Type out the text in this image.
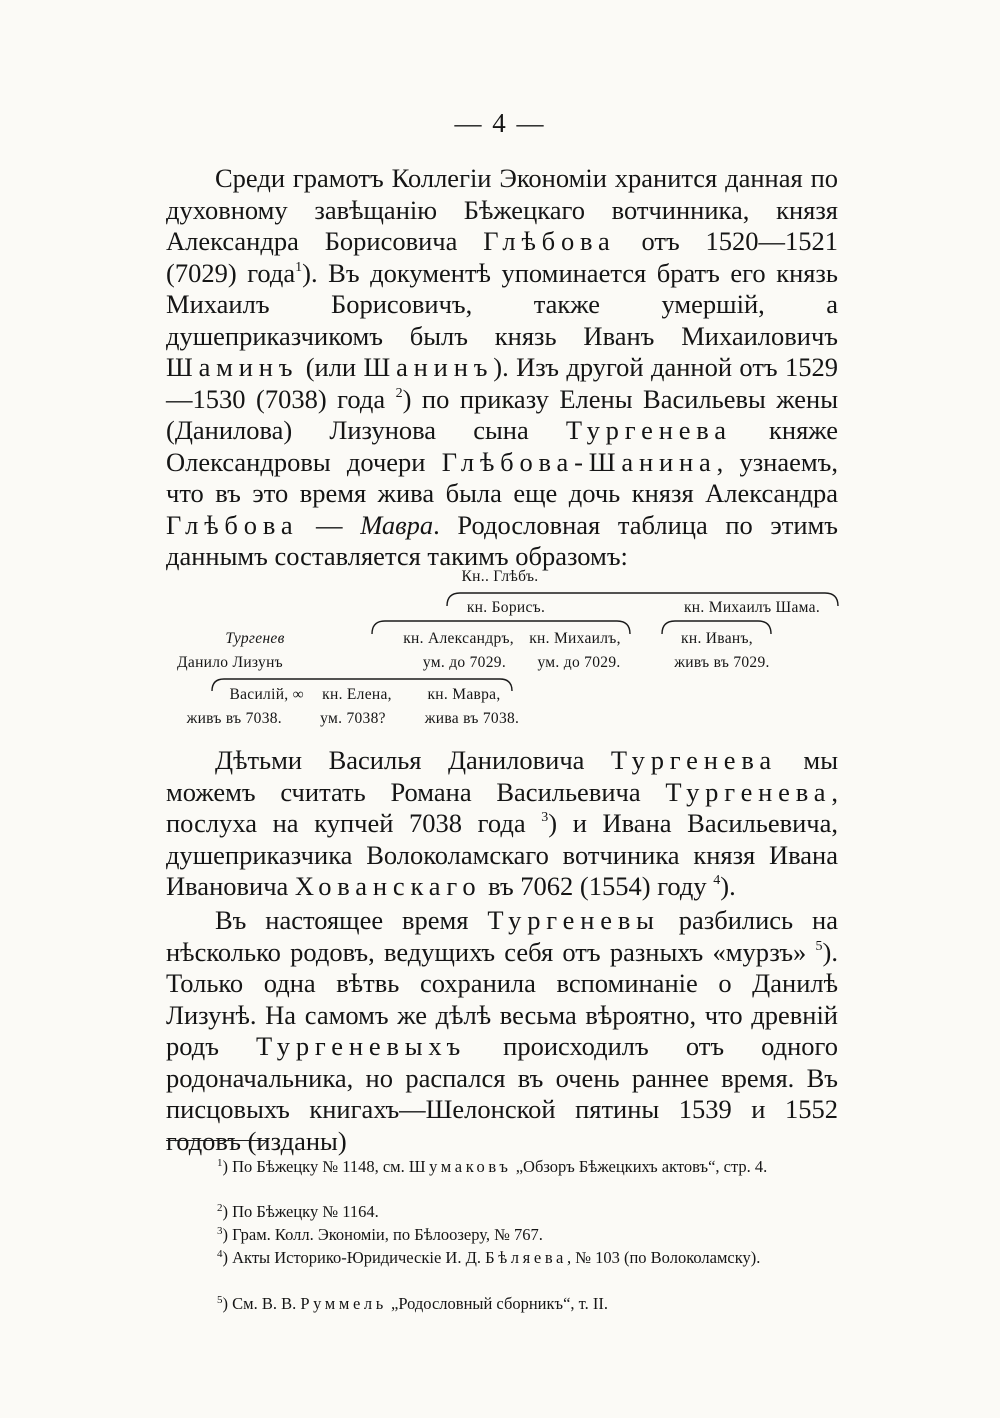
— 4 —

Среди грамотъ Коллегіи Экономіи хранится данная по духовному завѣщанію Бѣжецкаго вотчинника, князя Александра Борисовича Глѣбова отъ 1520—1521 (7029) года$^1$). Въ документѣ упоминается братъ его князь Михаилъ Борисовичъ, также умершій, а душеприказчикомъ былъ князь Иванъ Михаиловичъ Шаминъ (или Шанинъ). Изъ другой данной отъ 1529—1530 (7038) года $^2$) по приказу Елены Васильевы жены (Данилова) Лизунова сына Тургенева княже Олександровы дочери Глѣбова-Шанина, узнаемъ, что въ это время жива была еще дочь князя Александра Глѣбова — Мавра. Родословная таблица по этимъ даннымъ составляется такимъ образомъ:

Кн.. Глѣбъ.
кн. Борисъ.	кн. Михаилъ Шама.
Тургенев
Данило Лизунъ
кн. Александръ,
ум. до 7029.
кн. Михаилъ,
ум. до 7029.
кн. Иванъ,
живъ въ 7029.
Василій, ∞
живъ въ 7038.
кн. Елена,
ум. 7038?
кн. Мавра,
жива въ 7038.

Дѣтьми Василья Даниловича Тургенева мы можемъ считать Романа Васильевича Тургенева, послуха на купчей 7038 года $^3$) и Ивана Васильевича, душеприказчика Волоколамскаго вотчиника князя Ивана Ивановича Хованскаго въ 7062 (1554) году $^4$).

Въ настоящее время Тургеневы разбились на нѣсколько родовъ, ведущихъ себя отъ разныхъ «мурзъ» $^5$). Только одна вѣтвь сохранила вспоминаніе о Данилѣ Лизунѣ. На самомъ же дѣлѣ весьма вѣроятно, что древній родъ Тургеневыхъ происходилъ отъ одного родоначальника, но распался въ очень раннее время. Въ писцовыхъ книгахъ—Шелонской пятины 1539 и 1552 годовъ (изданы)

$^1$) По Бѣжецку № 1148, см. Шумаковъ „Обзоръ Бѣжецкихъ актовъ“, стр. 4.

$^2$) По Бѣжецку № 1164.

$^3$) Грам. Колл. Экономіи, по Бѣлоозеру, № 767.

$^4$) Акты Историко-Юридическіе И. Д. Бѣляева, № 103 (по Волоколамску).

$^5$) См. В. В. Руммель „Родословный сборникъ“, т. II.
